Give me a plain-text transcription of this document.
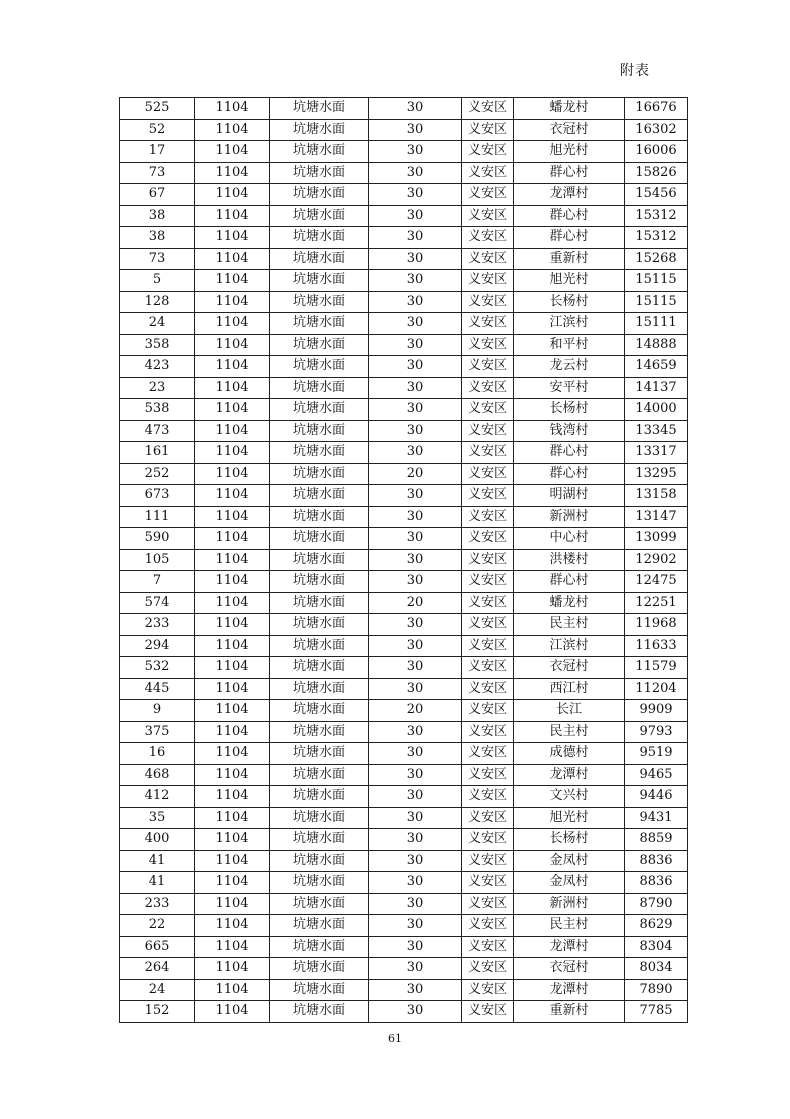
附表
525	1104	坑塘水面	30	义安区	蟠龙村	16676
52	1104	坑塘水面	30	义安区	衣冠村	16302
17	1104	坑塘水面	30	义安区	旭光村	16006
73	1104	坑塘水面	30	义安区	群心村	15826
67	1104	坑塘水面	30	义安区	龙潭村	15456
38	1104	坑塘水面	30	义安区	群心村	15312
38	1104	坑塘水面	30	义安区	群心村	15312
73	1104	坑塘水面	30	义安区	重新村	15268
5	1104	坑塘水面	30	义安区	旭光村	15115
128	1104	坑塘水面	30	义安区	长杨村	15115
24	1104	坑塘水面	30	义安区	江滨村	15111
358	1104	坑塘水面	30	义安区	和平村	14888
423	1104	坑塘水面	30	义安区	龙云村	14659
23	1104	坑塘水面	30	义安区	安平村	14137
538	1104	坑塘水面	30	义安区	长杨村	14000
473	1104	坑塘水面	30	义安区	钱湾村	13345
161	1104	坑塘水面	30	义安区	群心村	13317
252	1104	坑塘水面	20	义安区	群心村	13295
673	1104	坑塘水面	30	义安区	明湖村	13158
111	1104	坑塘水面	30	义安区	新洲村	13147
590	1104	坑塘水面	30	义安区	中心村	13099
105	1104	坑塘水面	30	义安区	洪楼村	12902
7	1104	坑塘水面	30	义安区	群心村	12475
574	1104	坑塘水面	20	义安区	蟠龙村	12251
233	1104	坑塘水面	30	义安区	民主村	11968
294	1104	坑塘水面	30	义安区	江滨村	11633
532	1104	坑塘水面	30	义安区	衣冠村	11579
445	1104	坑塘水面	30	义安区	西江村	11204
9	1104	坑塘水面	20	义安区	长江	9909
375	1104	坑塘水面	30	义安区	民主村	9793
16	1104	坑塘水面	30	义安区	成德村	9519
468	1104	坑塘水面	30	义安区	龙潭村	9465
412	1104	坑塘水面	30	义安区	文兴村	9446
35	1104	坑塘水面	30	义安区	旭光村	9431
400	1104	坑塘水面	30	义安区	长杨村	8859
41	1104	坑塘水面	30	义安区	金凤村	8836
41	1104	坑塘水面	30	义安区	金凤村	8836
233	1104	坑塘水面	30	义安区	新洲村	8790
22	1104	坑塘水面	30	义安区	民主村	8629
665	1104	坑塘水面	30	义安区	龙潭村	8304
264	1104	坑塘水面	30	义安区	衣冠村	8034
24	1104	坑塘水面	30	义安区	龙潭村	7890
152	1104	坑塘水面	30	义安区	重新村	7785
61
